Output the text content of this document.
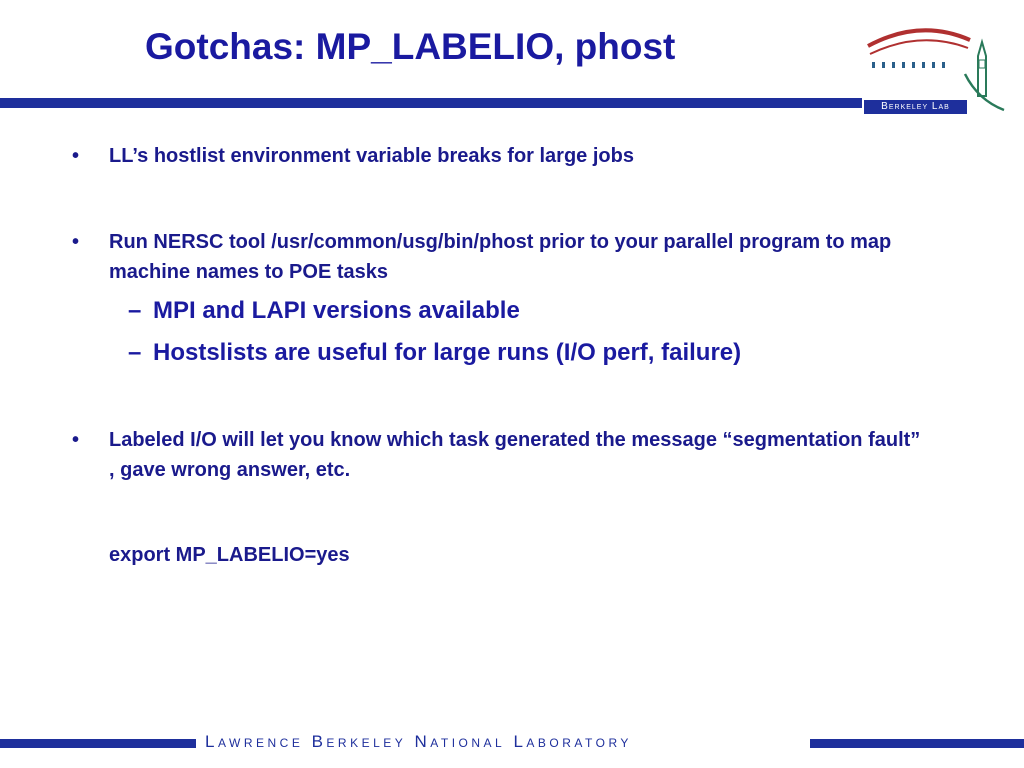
Gotchas: MP_LABELIO, phost
Berkeley Lab
• LL’s hostlist environment variable breaks for large jobs
• Run NERSC tool /usr/common/usg/bin/phost prior to your parallel program to map machine names to POE tasks
– MPI and LAPI versions available
– Hostslists are useful for large runs (I/O perf, failure)
• Labeled I/O will let you know which task generated the message “segmentation fault” , gave wrong answer, etc.
export MP_LABELIO=yes
Lawrence Berkeley National Laboratory
